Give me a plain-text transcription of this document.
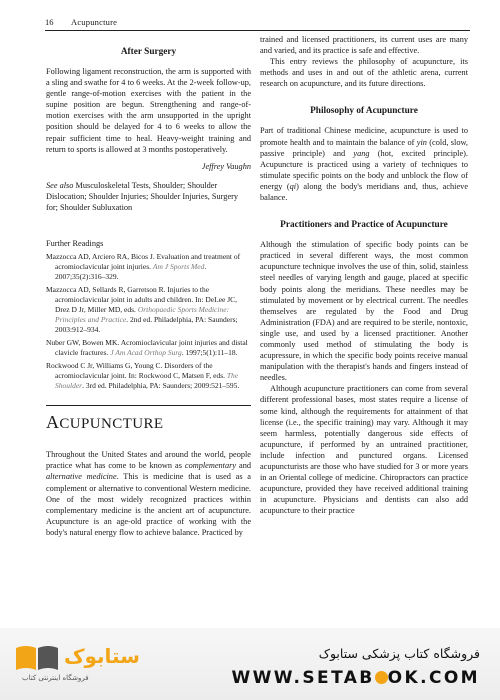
16 Acupuncture
After Surgery

Following ligament reconstruction, the arm is supported with a sling and swathe for 4 to 6 weeks. At the 2-week follow-up, gentle range-of-motion exercises with the patient in the supine position are begun. Strengthening and range-of-motion exercises with the arm unsupported in the upright position should be delayed for 4 to 6 weeks to allow the repair sufficient time to heal. Heavy-weight training and return to sports is allowed at 3 months postoperatively.

Jeffrey Vaughn

See also Musculoskeletal Tests, Shoulder; Shoulder Dislocation; Shoulder Injuries; Shoulder Injuries, Surgery for; Shoulder Subluxation

Further Readings

Mazzocca AD, Arciero RA, Bicos J. Evaluation and treatment of acromioclavicular joint injuries. Am J Sports Med. 2007;35(2):316–329.

Mazzocca AD, Sellards R, Garretson R. Injuries to the acromioclavicular joint in adults and children. In: DeLee JC, Drez D Jr, Miller MD, eds. Orthopaedic Sports Medicine: Principles and Practice. 2nd ed. Philadelphia, PA: Saunders; 2003:912–934.

Nuber GW, Bowen MK. Acromioclavicular joint injuries and distal clavicle fractures. J Am Acad Orthop Surg. 1997;5(1):11–18.

Rockwood C Jr, Williams G, Young C. Disorders of the acromioclavicular joint. In: Rockwood C, Matsen F, eds. The Shoulder. 3rd ed. Philadelphia, PA: Saunders; 2009:521–595.

ACUPUNCTURE

Throughout the United States and around the world, people practice what has come to be known as complementary and alternative medicine. This is medicine that is used as a complement or alternative to conventional Western medicine. One of the most widely recognized practices within complementary medicine is the ancient art of acupuncture. Acupuncture is an age-old practice of working with the body's natural energy flow to achieve balance. Practiced by

trained and licensed practitioners, its current uses are many and varied, and its practice is safe and effective.

This entry reviews the philosophy of acupuncture, its methods and uses in and out of the athletic arena, current research on acupuncture, and its future directions.

Philosophy of Acupuncture

Part of traditional Chinese medicine, acupuncture is used to promote health and to maintain the balance of yin (cold, slow, passive principle) and yang (hot, excited principle). Acupuncture is practiced using a variety of techniques to stimulate specific points on the body and unblock the flow of energy (qi) along the body's meridians and, thus, achieve balance.

Practitioners and Practice of Acupuncture

Although the stimulation of specific body points can be practiced in several different ways, the most common acupuncture technique involves the use of thin, solid, stainless steel needles of varying length and gauge, placed at specific body points along the meridians. These needles may be stimulated by movement or by electrical current. The needles themselves are regulated by the Food and Drug Administration (FDA) and are required to be sterile, nontoxic, single use, and used by a licensed practitioner. Another commonly used method of stimulating the body is acupressure, in which the specific body points receive manual manipulation with the therapist's hands and fingers instead of needles.

Although acupuncture practitioners can come from several different professional bases, most states require a license of some kind, although the requirements for attainment of that license (i.e., the specific training) may vary. Although it may seem harmless, potentially dangerous side effects of acupuncture, if performed by an untrained practitioner, include infection and punctured organs. Licensed acupuncturists are those who have studied for 3 or more years in an Oriental college of medicine. Chiropractors can practice acupuncture, provided they have received additional training in acupuncture. Physicians and dentists can also add acupuncture to their practice

ستابوک
فروشگاه اینترنتی کتاب
فروشگاه کتاب پزشکی ستابوک
WWW.SETAB OK.COM
